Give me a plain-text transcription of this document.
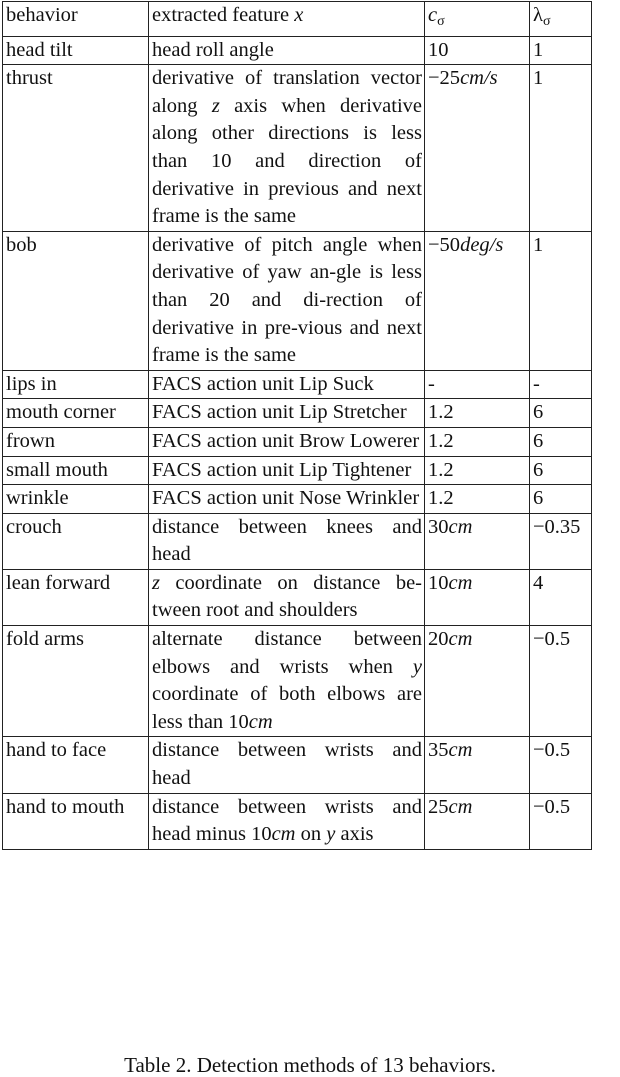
behavior	extracted feature x	$c_\sigma$	$\lambda_\sigma$
head tilt	head roll angle	10	1
thrust	derivative of translation vector along z axis when derivative along other directions is less than 10 and direction of derivative in previous and next frame is the same	−25cm/s	1
bob	derivative of pitch angle when derivative of yaw an-gle is less than 20 and di-rection of derivative in pre-vious and next frame is the same	−50deg/s	1
lips in	FACS action unit Lip Suck	-	-
mouth corner	FACS action unit Lip Stretcher	1.2	6
frown	FACS action unit Brow Lowerer	1.2	6
small mouth	FACS action unit Lip Tightener	1.2	6
wrinkle	FACS action unit Nose Wrinkler	1.2	6
crouch	distance between knees and head	30cm	−0.35
lean forward	z coordinate on distance be-tween root and shoulders	10cm	4
fold arms	alternate distance between elbows and wrists when y coordinate of both elbows are less than 10cm	20cm	−0.5
hand to face	distance between wrists and head	35cm	−0.5
hand to mouth	distance between wrists and head minus 10cm on y axis	25cm	−0.5
Table 2. Detection methods of 13 behaviors.
